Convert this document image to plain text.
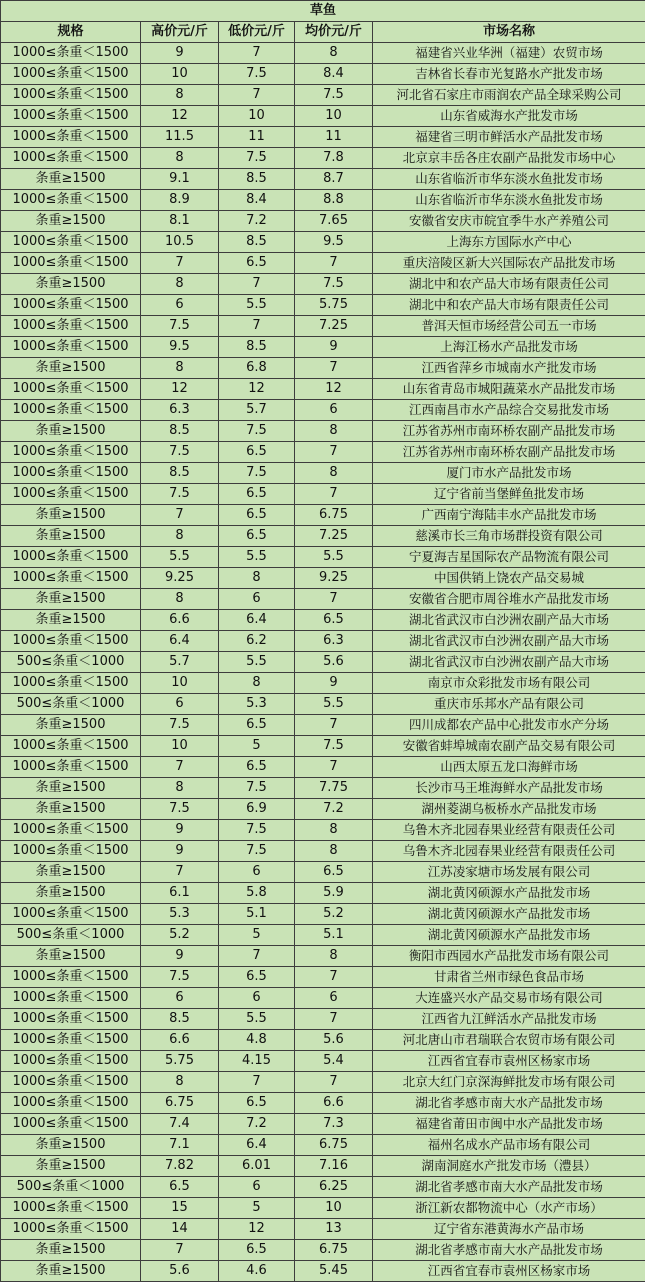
草鱼				
规格	高价元/斤	低价元/斤	均价元/斤	市场名称
1000≤条重＜1500	9	7	8	福建省兴业华洲（福建）农贸市场
1000≤条重＜1500	10	7.5	8.4	吉林省长春市光复路水产批发市场
1000≤条重＜1500	8	7	7.5	河北省石家庄市雨润农产品全球采购公司
1000≤条重＜1500	12	10	10	山东省威海水产批发市场
1000≤条重＜1500	11.5	11	11	福建省三明市鲜活水产品批发市场
1000≤条重＜1500	8	7.5	7.8	北京京丰岳各庄农副产品批发市场中心
条重≥1500	9.1	8.5	8.7	山东省临沂市华东淡水鱼批发市场
1000≤条重＜1500	8.9	8.4	8.8	山东省临沂市华东淡水鱼批发市场
条重≥1500	8.1	7.2	7.65	安徽省安庆市皖宜季牛水产养殖公司
1000≤条重＜1500	10.5	8.5	9.5	上海东方国际水产中心
1000≤条重＜1500	7	6.5	7	重庆涪陵区新大兴国际农产品批发市场
条重≥1500	8	7	7.5	湖北中和农产品大市场有限责任公司
1000≤条重＜1500	6	5.5	5.75	湖北中和农产品大市场有限责任公司
1000≤条重＜1500	7.5	7	7.25	普洱天恒市场经营公司五一市场
1000≤条重＜1500	9.5	8.5	9	上海江杨水产品批发市场
条重≥1500	8	6.8	7	江西省萍乡市城南水产批发市场
1000≤条重＜1500	12	12	12	山东省青岛市城阳蔬菜水产品批发市场
1000≤条重＜1500	6.3	5.7	6	江西南昌市水产品综合交易批发市场
条重≥1500	8.5	7.5	8	江苏省苏州市南环桥农副产品批发市场
1000≤条重＜1500	7.5	6.5	7	江苏省苏州市南环桥农副产品批发市场
1000≤条重＜1500	8.5	7.5	8	厦门市水产品批发市场
1000≤条重＜1500	7.5	6.5	7	辽宁省前当堡鲜鱼批发市场
条重≥1500	7	6.5	6.75	广西南宁海陆丰水产品批发市场
条重≥1500	8	6.5	7.25	慈溪市长三角市场群投资有限公司
1000≤条重＜1500	5.5	5.5	5.5	宁夏海吉星国际农产品物流有限公司
1000≤条重＜1500	9.25	8	9.25	中国供销上饶农产品交易城
条重≥1500	8	6	7	安徽省合肥市周谷堆水产品批发市场
条重≥1500	6.6	6.4	6.5	湖北省武汉市白沙洲农副产品大市场
1000≤条重＜1500	6.4	6.2	6.3	湖北省武汉市白沙洲农副产品大市场
500≤条重＜1000	5.7	5.5	5.6	湖北省武汉市白沙洲农副产品大市场
1000≤条重＜1500	10	8	9	南京市众彩批发市场有限公司
500≤条重＜1000	6	5.3	5.5	重庆市乐邦水产品有限公司
条重≥1500	7.5	6.5	7	四川成都农产品中心批发市水产分场
1000≤条重＜1500	10	5	7.5	安徽省蚌埠城南农副产品交易有限公司
1000≤条重＜1500	7	6.5	7	山西太原五龙口海鲜市场
条重≥1500	8	7.5	7.75	长沙市马王堆海鲜水产品批发市场
条重≥1500	7.5	6.9	7.2	湖州菱湖乌板桥水产品批发市场
1000≤条重＜1500	9	7.5	8	乌鲁木齐北园春果业经营有限责任公司
1000≤条重＜1500	9	7.5	8	乌鲁木齐北园春果业经营有限责任公司
条重≥1500	7	6	6.5	江苏凌家塘市场发展有限公司
条重≥1500	6.1	5.8	5.9	湖北黄冈硕源水产品批发市场
1000≤条重＜1500	5.3	5.1	5.2	湖北黄冈硕源水产品批发市场
500≤条重＜1000	5.2	5	5.1	湖北黄冈硕源水产品批发市场
条重≥1500	9	7	8	衡阳市西园水产品批发市场有限公司
1000≤条重＜1500	7.5	6.5	7	甘肃省兰州市绿色食品市场
1000≤条重＜1500	6	6	6	大连盛兴水产品交易市场有限公司
1000≤条重＜1500	8.5	5.5	7	江西省九江鲜活水产品批发市场
1000≤条重＜1500	6.6	4.8	5.6	河北唐山市君瑞联合农贸市场有限公司
1000≤条重＜1500	5.75	4.15	5.4	江西省宜春市袁州区杨家市场
1000≤条重＜1500	8	7	7	北京大红门京深海鲜批发市场有限公司
1000≤条重＜1500	6.75	6.5	6.6	湖北省孝感市南大水产品批发市场
1000≤条重＜1500	7.4	7.2	7.3	福建省莆田市闽中水产品批发市场
条重≥1500	7.1	6.4	6.75	福州名成水产品市场有限公司
条重≥1500	7.82	6.01	7.16	湖南洞庭水产批发市场（澧县）
500≤条重＜1000	6.5	6	6.25	湖北省孝感市南大水产品批发市场
1000≤条重＜1500	15	5	10	浙江新农都物流中心（水产市场）
1000≤条重＜1500	14	12	13	辽宁省东港黄海水产品市场
条重≥1500	7	6.5	6.75	湖北省孝感市南大水产品批发市场
条重≥1500	5.6	4.6	5.45	江西省宜春市袁州区杨家市场
